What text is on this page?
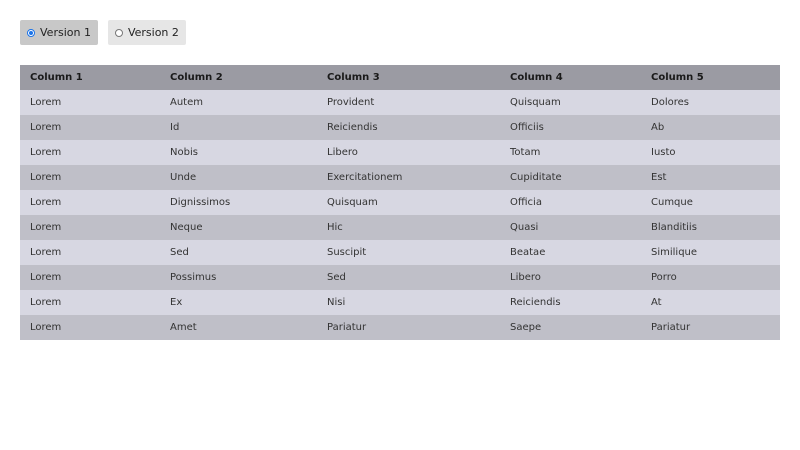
Version 1	Version 2
Column 1	Column 2	Column 3	Column 4	Column 5
Lorem	Autem	Provident	Quisquam	Dolores
Lorem	Id	Reiciendis	Officiis	Ab
Lorem	Nobis	Libero	Totam	Iusto
Lorem	Unde	Exercitationem	Cupiditate	Est
Lorem	Dignissimos	Quisquam	Officia	Cumque
Lorem	Neque	Hic	Quasi	Blanditiis
Lorem	Sed	Suscipit	Beatae	Similique
Lorem	Possimus	Sed	Libero	Porro
Lorem	Ex	Nisi	Reiciendis	At
Lorem	Amet	Pariatur	Saepe	Pariatur
